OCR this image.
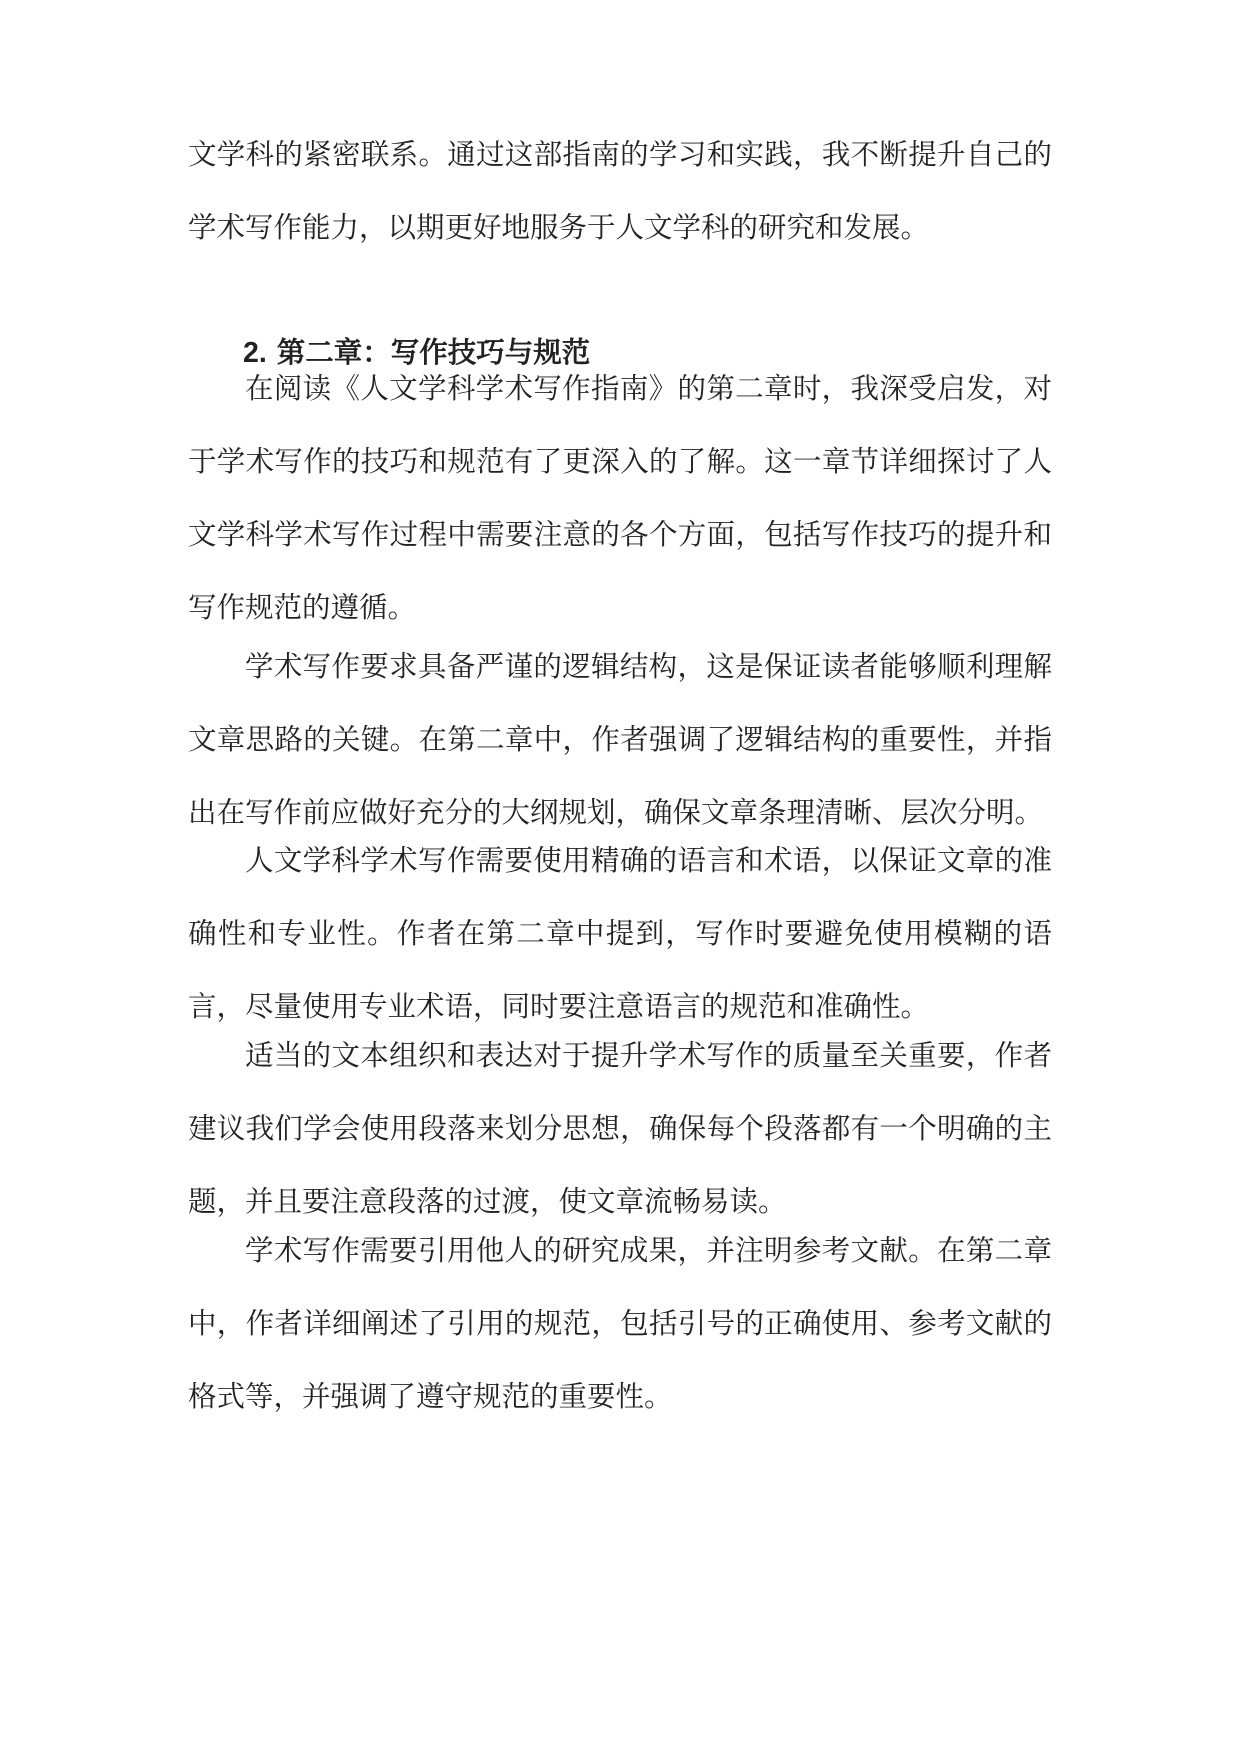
文学科的紧密联系。通过这部指南的学习和实践，我不断提升自己的学术写作能力，以期更好地服务于人文学科的研究和发展。

2. 第二章：写作技巧与规范

在阅读《人文学科学术写作指南》的第二章时，我深受启发，对于学术写作的技巧和规范有了更深入的了解。这一章节详细探讨了人文学科学术写作过程中需要注意的各个方面，包括写作技巧的提升和写作规范的遵循。

学术写作要求具备严谨的逻辑结构，这是保证读者能够顺利理解文章思路的关键。在第二章中，作者强调了逻辑结构的重要性，并指出在写作前应做好充分的大纲规划，确保文章条理清晰、层次分明。

人文学科学术写作需要使用精确的语言和术语，以保证文章的准确性和专业性。作者在第二章中提到，写作时要避免使用模糊的语言，尽量使用专业术语，同时要注意语言的规范和准确性。

适当的文本组织和表达对于提升学术写作的质量至关重要，作者建议我们学会使用段落来划分思想，确保每个段落都有一个明确的主题，并且要注意段落的过渡，使文章流畅易读。

学术写作需要引用他人的研究成果，并注明参考文献。在第二章中，作者详细阐述了引用的规范，包括引号的正确使用、参考文献的格式等，并强调了遵守规范的重要性。
